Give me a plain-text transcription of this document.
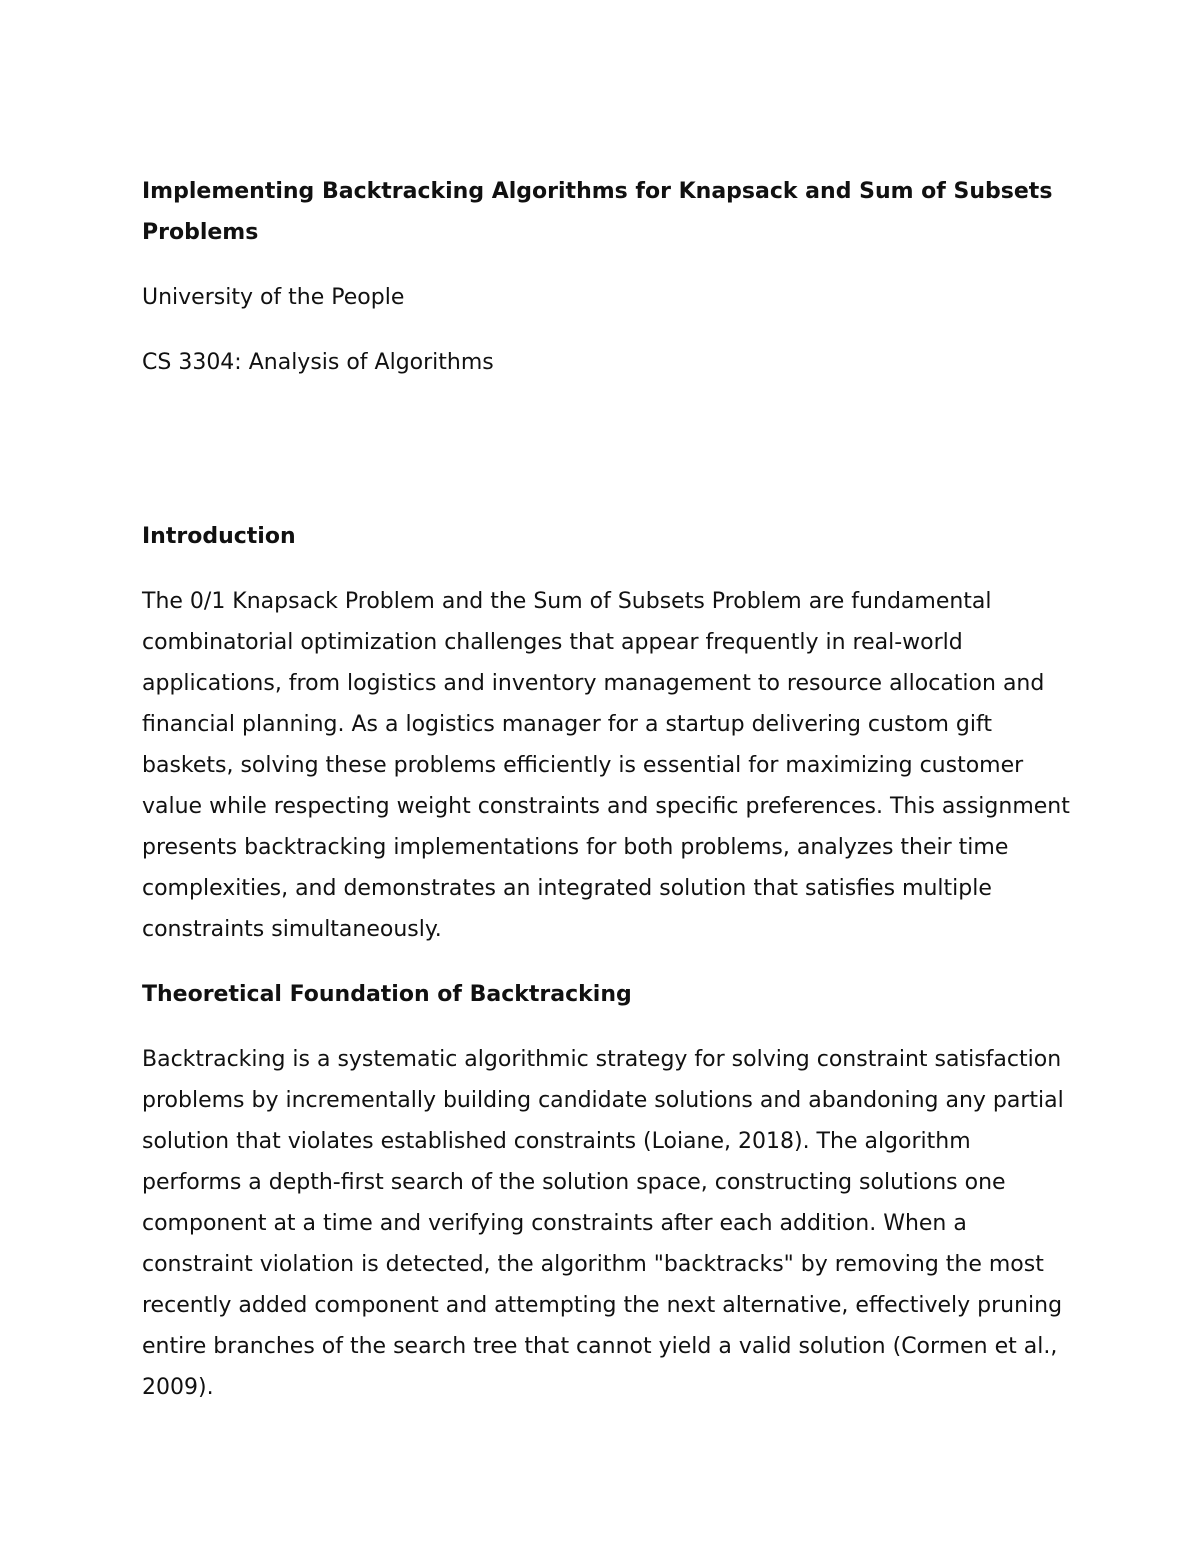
Implementing Backtracking Algorithms for Knapsack and Sum of Subsets Problems

University of the People

CS 3304: Analysis of Algorithms

Introduction

The 0/1 Knapsack Problem and the Sum of Subsets Problem are fundamental combinatorial optimization challenges that appear frequently in real-world applications, from logistics and inventory management to resource allocation and financial planning. As a logistics manager for a startup delivering custom gift baskets, solving these problems efficiently is essential for maximizing customer value while respecting weight constraints and specific preferences. This assignment presents backtracking implementations for both problems, analyzes their time complexities, and demonstrates an integrated solution that satisfies multiple constraints simultaneously.

Theoretical Foundation of Backtracking

Backtracking is a systematic algorithmic strategy for solving constraint satisfaction problems by incrementally building candidate solutions and abandoning any partial solution that violates established constraints (Loiane, 2018). The algorithm performs a depth-first search of the solution space, constructing solutions one component at a time and verifying constraints after each addition. When a constraint violation is detected, the algorithm "backtracks" by removing the most recently added component and attempting the next alternative, effectively pruning entire branches of the search tree that cannot yield a valid solution (Cormen et al., 2009).
